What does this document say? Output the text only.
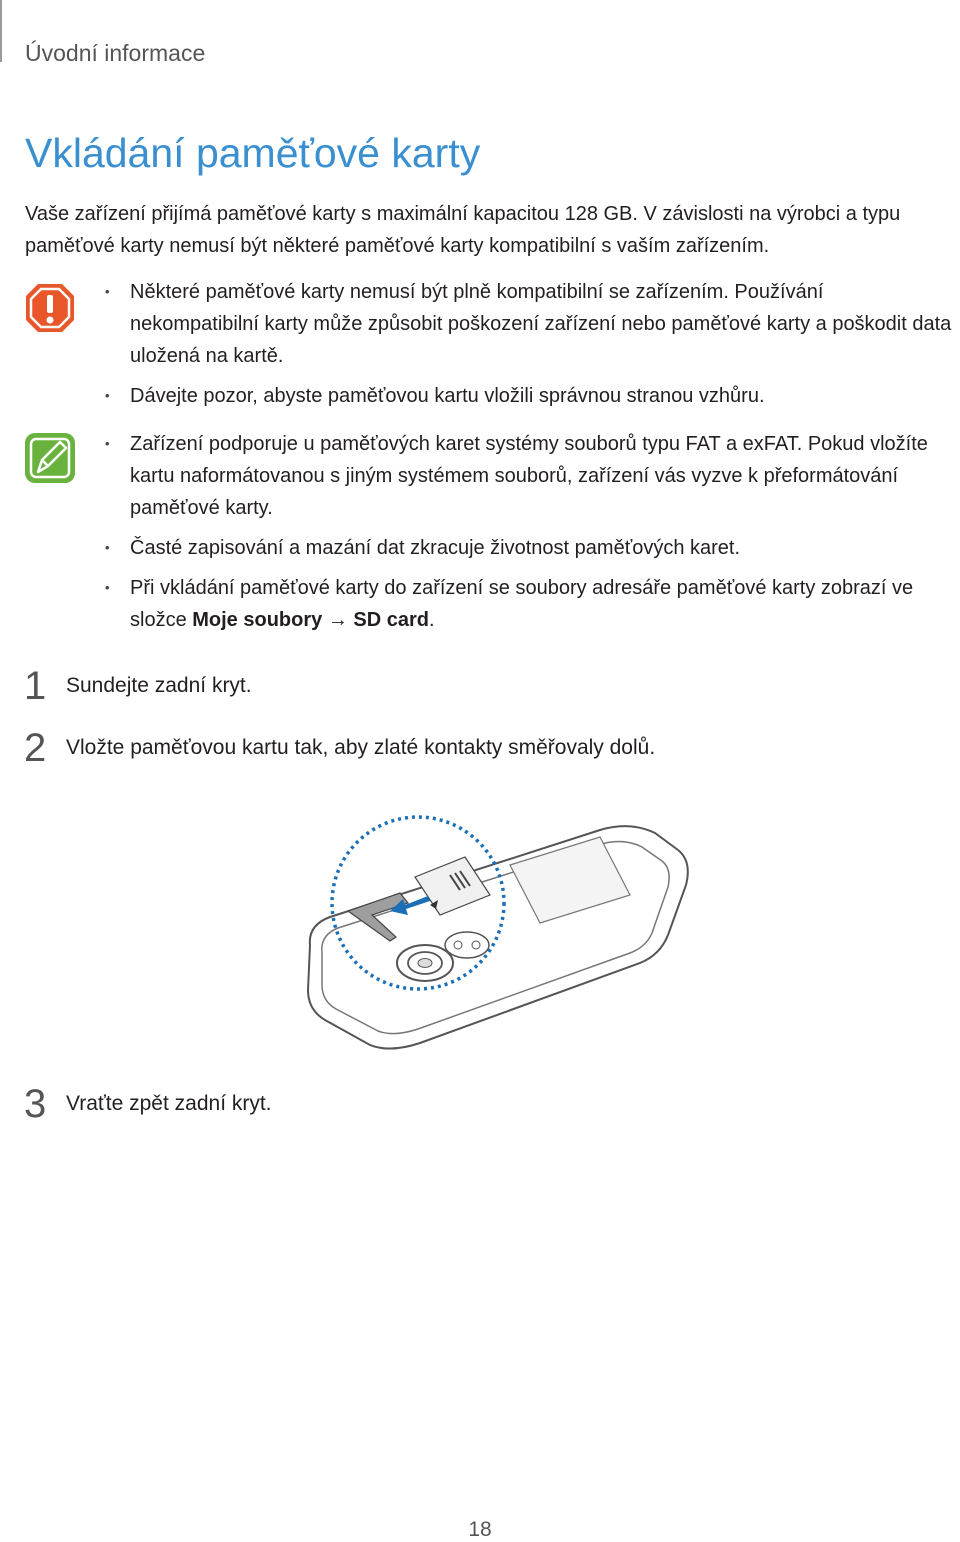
Úvodní informace
Vkládání paměťové karty
Vaše zařízení přijímá paměťové karty s maximální kapacitou 128 GB. V závislosti na výrobci a typu paměťové karty nemusí být některé paměťové karty kompatibilní s vaším zařízením.
• Některé paměťové karty nemusí být plně kompatibilní se zařízením. Používání nekompatibilní karty může způsobit poškození zařízení nebo paměťové karty a poškodit data uložená na kartě.
• Dávejte pozor, abyste paměťovou kartu vložili správnou stranou vzhůru.
• Zařízení podporuje u paměťových karet systémy souborů typu FAT a exFAT. Pokud vložíte kartu naformátovanou s jiným systémem souborů, zařízení vás vyzve k přeformátování paměťové karty.
• Časté zapisování a mazání dat zkracuje životnost paměťových karet.
• Při vkládání paměťové karty do zařízení se soubory adresáře paměťové karty zobrazí ve složce Moje soubory → SD card.
1 Sundejte zadní kryt.
2 Vložte paměťovou kartu tak, aby zlaté kontakty směřovaly dolů.
3 Vraťte zpět zadní kryt.
18
